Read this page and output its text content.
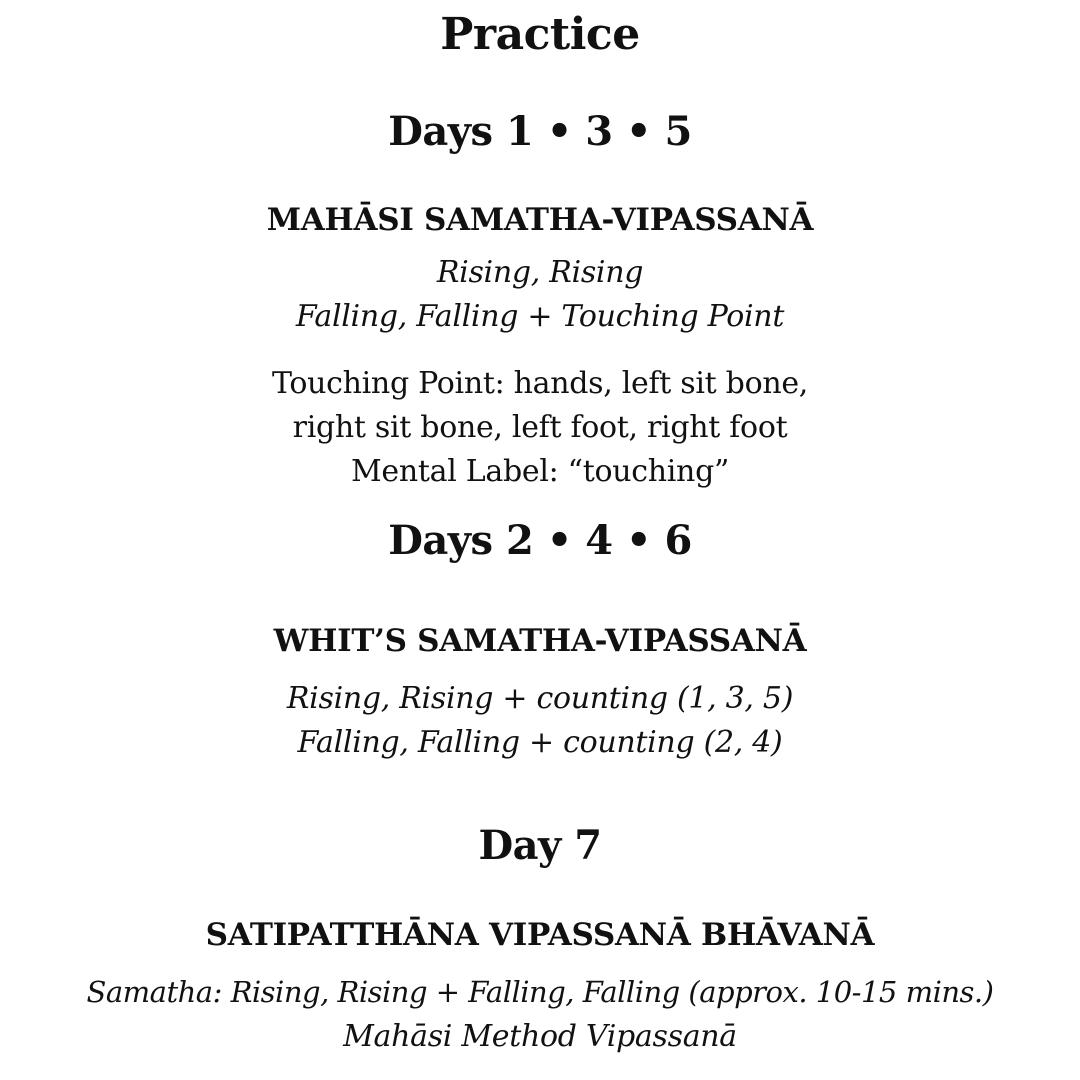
Practice
Days 1 • 3 • 5
MAHĀSI SAMATHA-VIPASSANĀ
Rising, Rising
Falling, Falling + Touching Point
Touching Point: hands, left sit bone,
right sit bone, left foot, right foot
Mental Label: “touching”
Days 2 • 4 • 6
WHIT’S SAMATHA-VIPASSANĀ
Rising, Rising + counting (1, 3, 5)
Falling, Falling + counting (2, 4)
Day 7
SATIPATTHĀNA VIPASSANĀ BHĀVANĀ
Samatha: Rising, Rising + Falling, Falling (approx. 10-15 mins.)
Mahāsi Method Vipassanā
